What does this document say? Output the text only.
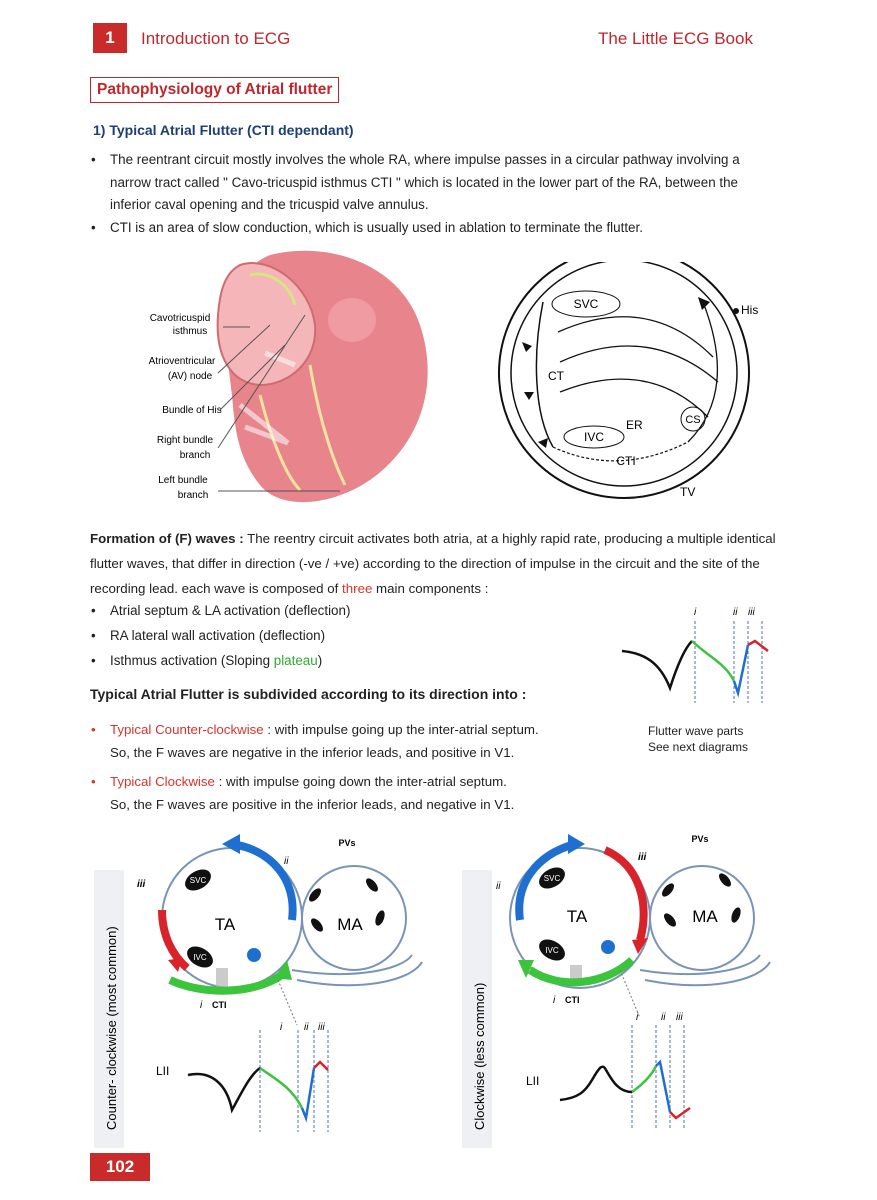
1	Introduction to ECG	The Little ECG Book
Pathophysiology of Atrial flutter
1) Typical Atrial Flutter (CTI dependant)
• The reentrant circuit mostly involves the whole RA, where impulse passes in a circular pathway involving a narrow tract called " Cavo-tricuspid isthmus CTI " which is located in the lower part of the RA, between the inferior caval opening and the tricuspid valve annulus.
• CTI is an area of slow conduction, which is usually used in ablation to terminate the flutter.
Cavotricuspid isthmus
Atrioventricular (AV) node
Bundle of His
Right bundle branch
Left bundle branch
SVC	His
CT
ER	CS
IVC
CTI
TV
Formation of (F) waves : The reentry circuit activates both atria, at a highly rapid rate, producing a multiple identical flutter waves, that differ in direction (-ve / +ve) according to the direction of impulse in the circuit and the site of the recording lead. each wave is composed of three main components :
• Atrial septum & LA activation (deflection)
• RA lateral wall activation (deflection)
• Isthmus activation (Sloping plateau)
i	ii iii
Flutter wave parts
See next diagrams
Typical Atrial Flutter is subdivided according to its direction into :
• Typical Counter-clockwise : with impulse going up the inter-atrial septum.
So, the F waves are negative in the inferior leads, and positive in V1.
• Typical Clockwise : with impulse going down the inter-atrial septum.
So, the F waves are positive in the inferior leads, and negative in V1.
Counter- clockwise (most common)
TA	MA
PVs
SVC
IVC
iii
ii
i CTI
i ii iii
LII	Clockwise (less common)
TA	MA
PVs
SVC
IVC
ii
iii
i CTI
i ii iii
LII
102
